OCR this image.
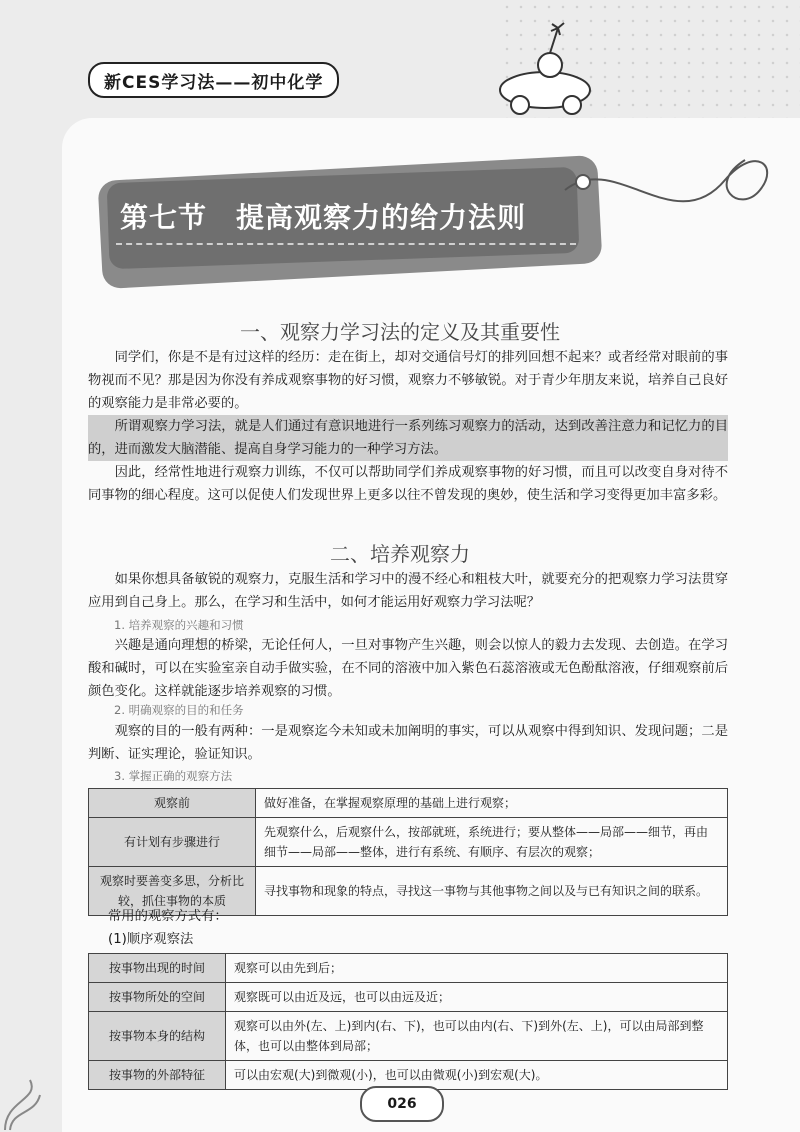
新CES学习法——初中化学
第七节　提高观察力的给力法则
一、观察力学习法的定义及其重要性
同学们，你是不是有过这样的经历：走在街上，却对交通信号灯的排列回想不起来？或者经常对眼前的事物视而不见？那是因为你没有养成观察事物的好习惯，观察力不够敏锐。对于青少年朋友来说，培养自己良好的观察能力是非常必要的。
所谓观察力学习法，就是人们通过有意识地进行一系列练习观察力的活动，达到改善注意力和记忆力的目的，进而激发大脑潜能、提高自身学习能力的一种学习方法。
因此，经常性地进行观察力训练，不仅可以帮助同学们养成观察事物的好习惯，而且可以改变自身对待不同事物的细心程度。这可以促使人们发现世界上更多以往不曾发现的奥妙，使生活和学习变得更加丰富多彩。
二、培养观察力
如果你想具备敏锐的观察力，克服生活和学习中的漫不经心和粗枝大叶，就要充分的把观察力学习法贯穿应用到自己身上。那么，在学习和生活中，如何才能运用好观察力学习法呢？
1. 培养观察的兴趣和习惯
兴趣是通向理想的桥梁，无论任何人，一旦对事物产生兴趣，则会以惊人的毅力去发现、去创造。在学习酸和碱时，可以在实验室亲自动手做实验，在不同的溶液中加入紫色石蕊溶液或无色酚酞溶液，仔细观察前后颜色变化。这样就能逐步培养观察的习惯。
2. 明确观察的目的和任务
观察的目的一般有两种：一是观察迄今未知或未加阐明的事实，可以从观察中得到知识、发现问题；二是判断、证实理论，验证知识。
3. 掌握正确的观察方法
观察前	做好准备，在掌握观察原理的基础上进行观察；
有计划有步骤进行	先观察什么，后观察什么，按部就班，系统进行；要从整体——局部——细节，再由细节——局部——整体，进行有系统、有顺序、有层次的观察；
观察时要善变多思，分析比较，抓住事物的本质	寻找事物和现象的特点，寻找这一事物与其他事物之间以及与已有知识之间的联系。
常用的观察方式有：
(1)顺序观察法
按事物出现的时间	观察可以由先到后；
按事物所处的空间	观察既可以由近及远，也可以由远及近；
按事物本身的结构	观察可以由外(左、上)到内(右、下)，也可以由内(右、下)到外(左、上)，可以由局部到整体，也可以由整体到局部；
按事物的外部特征	可以由宏观(大)到微观(小)，也可以由微观(小)到宏观(大)。
026
